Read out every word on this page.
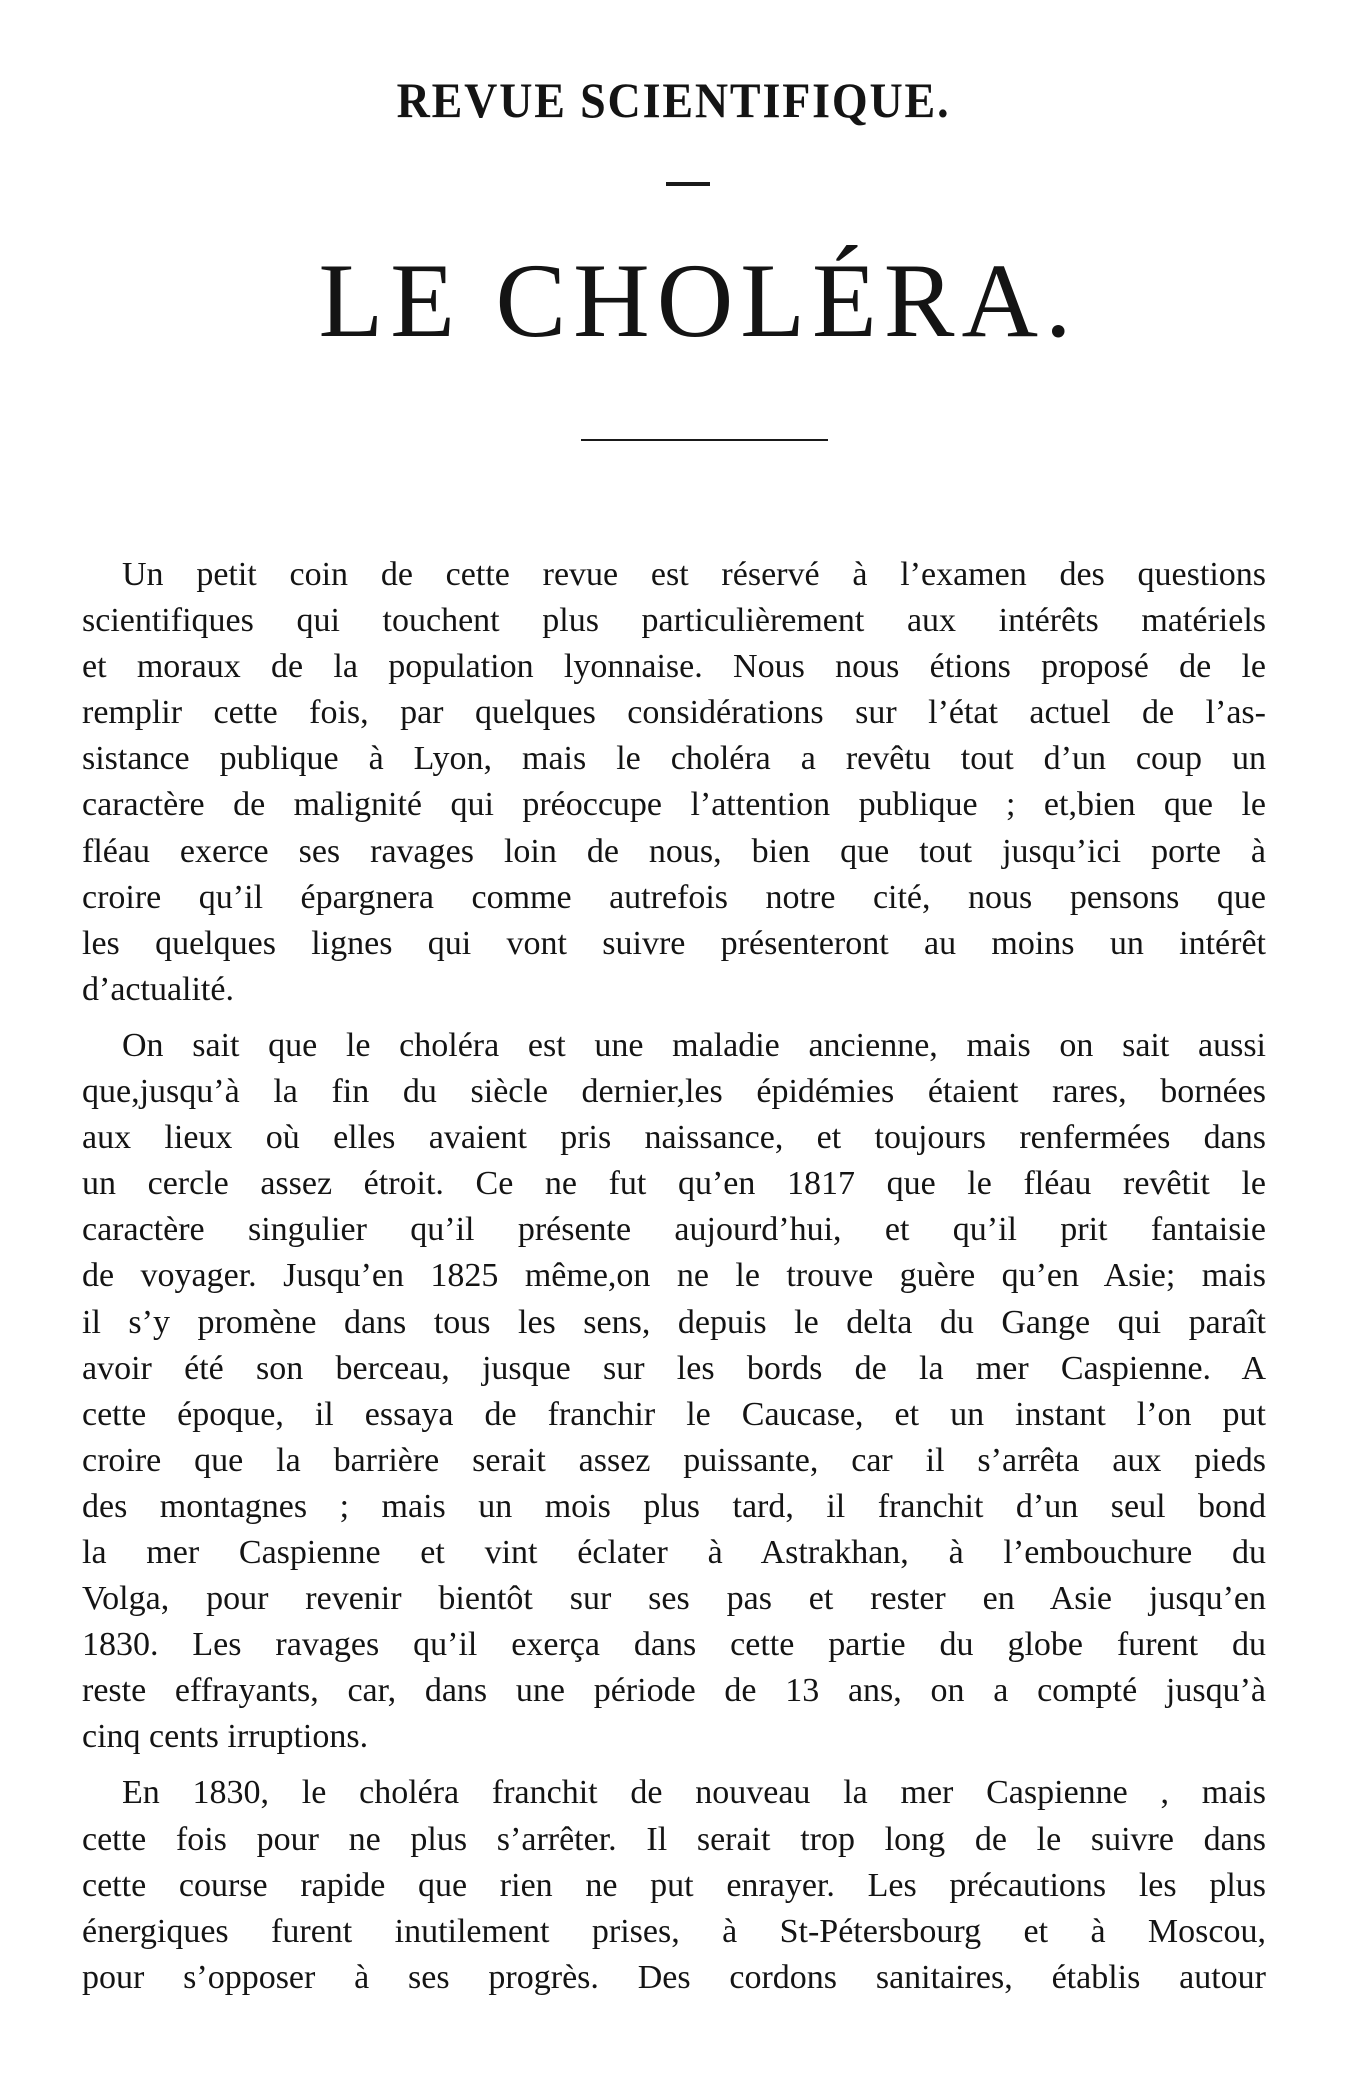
REVUE SCIENTIFIQUE.
LE CHOLÉRA.

Un petit coin de cette revue est réservé à l’examen des questions
scientifiques qui touchent plus particulièrement aux intérêts matériels
et moraux de la population lyonnaise. Nous nous étions proposé de le
remplir cette fois, par quelques considérations sur l’état actuel de l’as-
sistance publique à Lyon, mais le choléra a revêtu tout d’un coup un
caractère de malignité qui préoccupe l’attention publique ; et,bien que le
fléau exerce ses ravages loin de nous, bien que tout jusqu’ici porte à
croire qu’il épargnera comme autrefois notre cité, nous pensons que
les quelques lignes qui vont suivre présenteront au moins un intérêt
d’actualité.

On sait que le choléra est une maladie ancienne, mais on sait aussi
que,jusqu’à la fin du siècle dernier,les épidémies étaient rares, bornées
aux lieux où elles avaient pris naissance, et toujours renfermées dans
un cercle assez étroit. Ce ne fut qu’en 1817 que le fléau revêtit le
caractère singulier qu’il présente aujourd’hui, et qu’il prit fantaisie
de voyager. Jusqu’en 1825 même,on ne le trouve guère qu’en Asie; mais
il s’y promène dans tous les sens, depuis le delta du Gange qui paraît
avoir été son berceau, jusque sur les bords de la mer Caspienne. A
cette époque, il essaya de franchir le Caucase, et un instant l’on put
croire que la barrière serait assez puissante, car il s’arrêta aux pieds
des montagnes ; mais un mois plus tard, il franchit d’un seul bond
la mer Caspienne et vint éclater à Astrakhan, à l’embouchure du
Volga, pour revenir bientôt sur ses pas et rester en Asie jusqu’en
1830. Les ravages qu’il exerça dans cette partie du globe furent du
reste effrayants, car, dans une période de 13 ans, on a compté jusqu’à
cinq cents irruptions.

En 1830, le choléra franchit de nouveau la mer Caspienne , mais
cette fois pour ne plus s’arrêter. Il serait trop long de le suivre dans
cette course rapide que rien ne put enrayer. Les précautions les plus
énergiques furent inutilement prises, à St-Pétersbourg et à Moscou,
pour s’opposer à ses progrès. Des cordons sanitaires, établis autour
